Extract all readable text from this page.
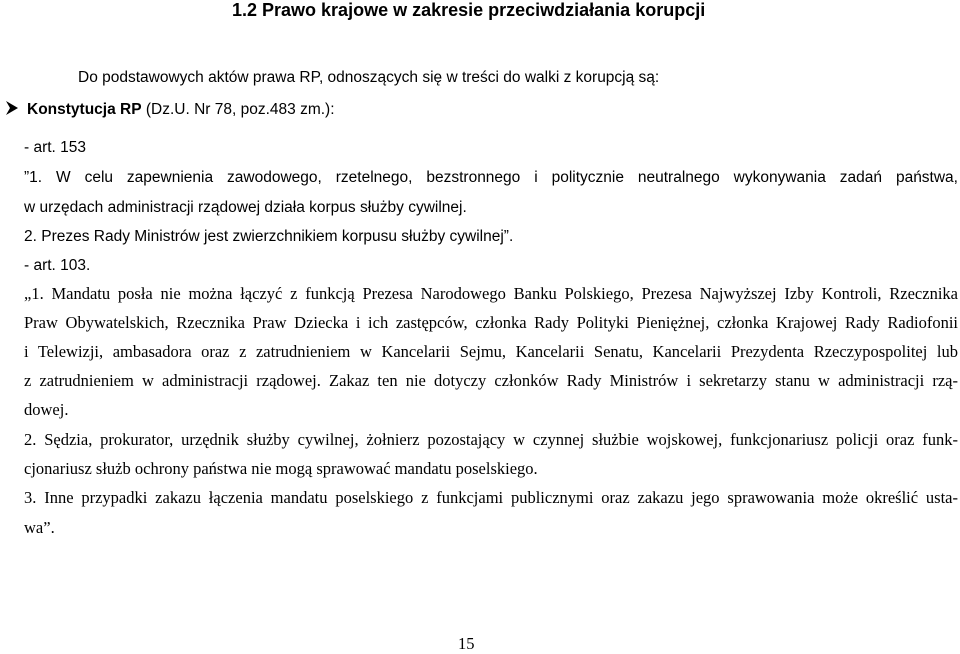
1.2 Prawo krajowe w zakresie przeciwdziałania korupcji

Do podstawowych aktów prawa RP, odnoszących się w treści do walki z korupcją są:

Konstytucja RP (Dz.U. Nr 78, poz.483 zm.):

- art. 153

”1. W celu zapewnienia zawodowego, rzetelnego, bezstronnego i politycznie neutralnego wykonywania zadań państwa,

w urzędach administracji rządowej działa korpus służby cywilnej.

2. Prezes Rady Ministrów jest zwierzchnikiem korpusu służby cywilnej”.

- art. 103.

„1. Mandatu posła nie można łączyć z funkcją Prezesa Narodowego Banku Polskiego, Prezesa Najwyższej Izby Kontroli, Rzecznika

Praw Obywatelskich, Rzecznika Praw Dziecka i ich zastępców, członka Rady Polityki Pieniężnej, członka Krajowej Rady Radiofonii

i Telewizji, ambasadora oraz z zatrudnieniem w Kancelarii Sejmu, Kancelarii Senatu, Kancelarii Prezydenta Rzeczypospolitej lub

z zatrudnieniem w administracji rządowej. Zakaz ten nie dotyczy członków Rady Ministrów i sekretarzy stanu w administracji rzą-

dowej.

2. Sędzia, prokurator, urzędnik służby cywilnej, żołnierz pozostający w czynnej służbie wojskowej, funkcjonariusz policji oraz funk-

cjonariusz służb ochrony państwa nie mogą sprawować mandatu poselskiego.

3. Inne przypadki zakazu łączenia mandatu poselskiego z funkcjami publicznymi oraz zakazu jego sprawowania może określić usta-

wa”.

15
